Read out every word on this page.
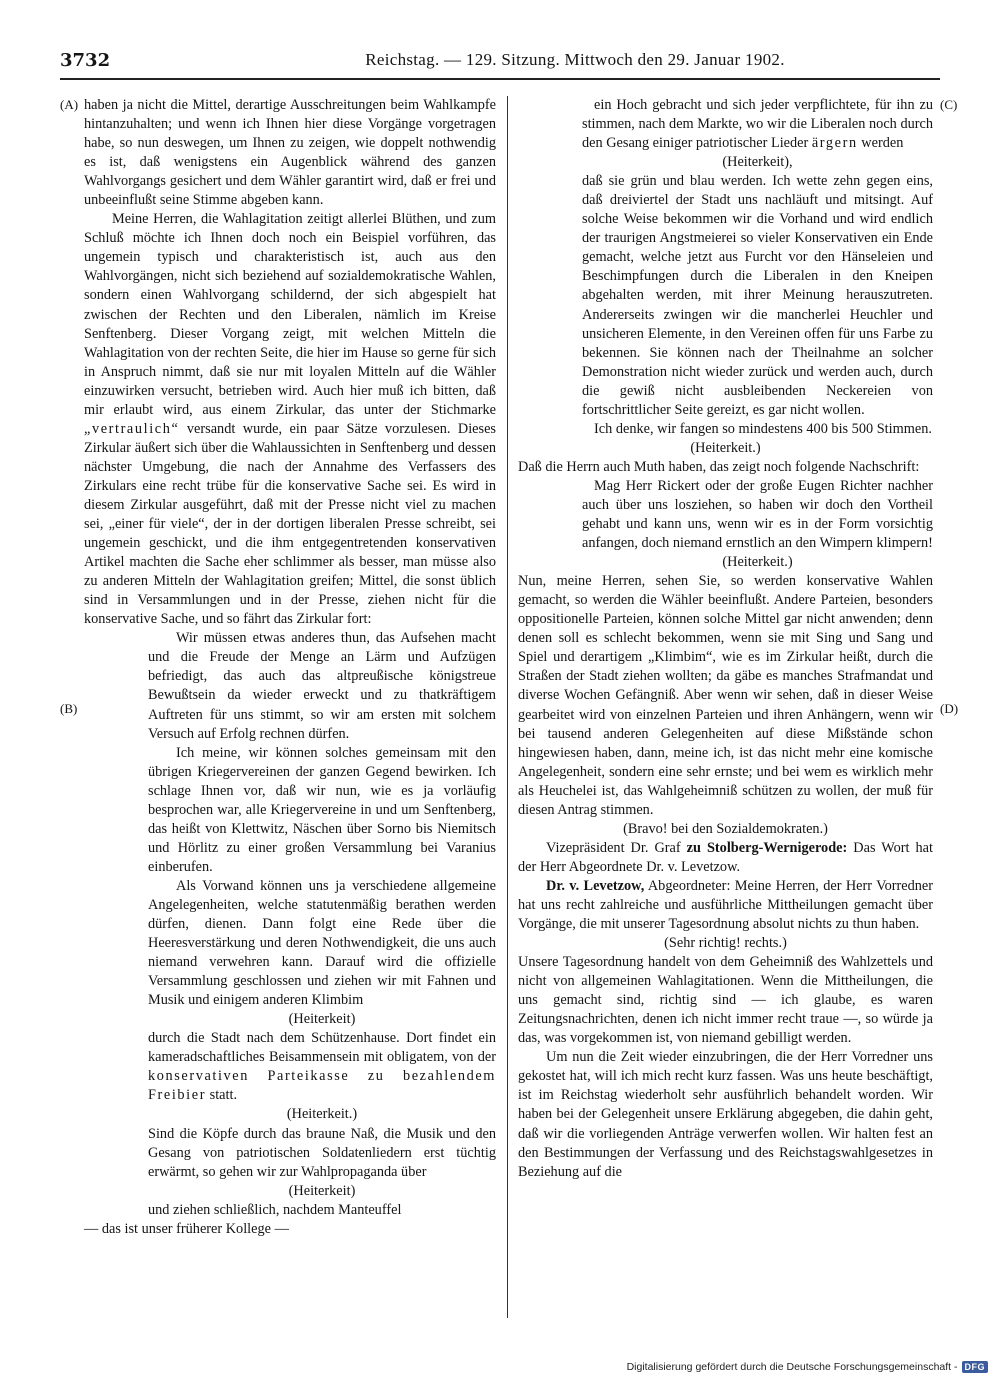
3732	Reichstag. — 129. Sitzung. Mittwoch den 29. Januar 1902.
(A)
(B)
(C)
(D)

haben ja nicht die Mittel, derartige Ausschreitungen beim Wahlkampfe hintanzuhalten; und wenn ich Ihnen hier diese Vorgänge vorgetragen habe, so nun deswegen, um Ihnen zu zeigen, wie doppelt nothwendig es ist, daß wenigstens ein Augenblick während des ganzen Wahlvorgangs gesichert und dem Wähler garantirt wird, daß er frei und unbeeinflußt seine Stimme abgeben kann.

Meine Herren, die Wahlagitation zeitigt allerlei Blüthen, und zum Schluß möchte ich Ihnen doch noch ein Beispiel vorführen, das ungemein typisch und charakteristisch ist, auch aus den Wahlvorgängen, nicht sich beziehend auf sozialdemokratische Wahlen, sondern einen Wahlvorgang schildernd, der sich abgespielt hat zwischen der Rechten und den Liberalen, nämlich im Kreise Senftenberg. Dieser Vorgang zeigt, mit welchen Mitteln die Wahlagitation von der rechten Seite, die hier im Hause so gerne für sich in Anspruch nimmt, daß sie nur mit loyalen Mitteln auf die Wähler einzuwirken versucht, betrieben wird. Auch hier muß ich bitten, daß mir erlaubt wird, aus einem Zirkular, das unter der Stichmarke „vertraulich“ versandt wurde, ein paar Sätze vorzulesen. Dieses Zirkular äußert sich über die Wahlaussichten in Senftenberg und dessen nächster Umgebung, die nach der Annahme des Verfassers des Zirkulars eine recht trübe für die konservative Sache sei. Es wird in diesem Zirkular ausgeführt, daß mit der Presse nicht viel zu machen sei, „einer für viele“, der in der dortigen liberalen Presse schreibt, sei ungemein geschickt, und die ihm entgegentretenden konservativen Artikel machten die Sache eher schlimmer als besser, man müsse also zu anderen Mitteln der Wahlagitation greifen; Mittel, die sonst üblich sind in Versammlungen und in der Presse, ziehen nicht für die konservative Sache, und so fährt das Zirkular fort:

Wir müssen etwas anderes thun, das Aufsehen macht und die Freude der Menge an Lärm und Aufzügen befriedigt, das auch das altpreußische königstreue Bewußtsein da wieder erweckt und zu thatkräftigem Auftreten für uns stimmt, so wir am ersten mit solchem Versuch auf Erfolg rechnen dürfen.

Ich meine, wir können solches gemeinsam mit den übrigen Kriegervereinen der ganzen Gegend bewirken. Ich schlage Ihnen vor, daß wir nun, wie es ja vorläufig besprochen war, alle Kriegervereine in und um Senftenberg, das heißt von Klettwitz, Näschen über Sorno bis Niemitsch und Hörlitz zu einer großen Versammlung bei Varanius einberufen.

Als Vorwand können uns ja verschiedene allgemeine Angelegenheiten, welche statutenmäßig berathen werden dürfen, dienen. Dann folgt eine Rede über die Heeresverstärkung und deren Nothwendigkeit, die uns auch niemand verwehren kann. Darauf wird die offizielle Versammlung geschlossen und ziehen wir mit Fahnen und Musik und einigem anderen Klimbim

(Heiterkeit)

durch die Stadt nach dem Schützenhause. Dort findet ein kameradschaftliches Beisammensein mit obligatem, von der konservativen Parteikasse zu bezahlendem Freibier statt.

(Heiterkeit.)

Sind die Köpfe durch das braune Naß, die Musik und den Gesang von patriotischen Soldatenliedern erst tüchtig erwärmt, so gehen wir zur Wahlpropaganda über

(Heiterkeit)

und ziehen schließlich, nachdem Manteuffel

— das ist unser früherer Kollege —

ein Hoch gebracht und sich jeder verpflichtete, für ihn zu stimmen, nach dem Markte, wo wir die Liberalen noch durch den Gesang einiger patriotischer Lieder ärgern werden

(Heiterkeit),

daß sie grün und blau werden. Ich wette zehn gegen eins, daß dreiviertel der Stadt uns nachläuft und mitsingt. Auf solche Weise bekommen wir die Vorhand und wird endlich der traurigen Angstmeierei so vieler Konservativen ein Ende gemacht, welche jetzt aus Furcht vor den Hänseleien und Beschimpfungen durch die Liberalen in den Kneipen abgehalten werden, mit ihrer Meinung herauszutreten. Andererseits zwingen wir die mancherlei Heuchler und unsicheren Elemente, in den Vereinen offen für uns Farbe zu bekennen. Sie können nach der Theilnahme an solcher Demonstration nicht wieder zurück und werden auch, durch die gewiß nicht ausbleibenden Neckereien von fortschrittlicher Seite gereizt, es gar nicht wollen.

Ich denke, wir fangen so mindestens 400 bis 500 Stimmen.

(Heiterkeit.)

Daß die Herrn auch Muth haben, das zeigt noch folgende Nachschrift:

Mag Herr Rickert oder der große Eugen Richter nachher auch über uns losziehen, so haben wir doch den Vortheil gehabt und kann uns, wenn wir es in der Form vorsichtig anfangen, doch niemand ernstlich an den Wimpern klimpern!

(Heiterkeit.)

Nun, meine Herren, sehen Sie, so werden konservative Wahlen gemacht, so werden die Wähler beeinflußt. Andere Parteien, besonders oppositionelle Parteien, können solche Mittel gar nicht anwenden; denn denen soll es schlecht bekommen, wenn sie mit Sing und Sang und Spiel und derartigem „Klimbim“, wie es im Zirkular heißt, durch die Straßen der Stadt ziehen wollten; da gäbe es manches Strafmandat und diverse Wochen Gefängniß. Aber wenn wir sehen, daß in dieser Weise gearbeitet wird von einzelnen Parteien und ihren Anhängern, wenn wir bei tausend anderen Gelegenheiten auf diese Mißstände schon hingewiesen haben, dann, meine ich, ist das nicht mehr eine komische Angelegenheit, sondern eine sehr ernste; und bei wem es wirklich mehr als Heuchelei ist, das Wahlgeheimniß schützen zu wollen, der muß für diesen Antrag stimmen.

(Bravo! bei den Sozialdemokraten.)

Vizepräsident Dr. Graf zu Stolberg-Wernigerode: Das Wort hat der Herr Abgeordnete Dr. v. Levetzow.

Dr. v. Levetzow, Abgeordneter: Meine Herren, der Herr Vorredner hat uns recht zahlreiche und ausführliche Mittheilungen gemacht über Vorgänge, die mit unserer Tagesordnung absolut nichts zu thun haben.

(Sehr richtig! rechts.)

Unsere Tagesordnung handelt von dem Geheimniß des Wahlzettels und nicht von allgemeinen Wahlagitationen. Wenn die Mittheilungen, die uns gemacht sind, richtig sind — ich glaube, es waren Zeitungsnachrichten, denen ich nicht immer recht traue —, so würde ja das, was vorgekommen ist, von niemand gebilligt werden.

Um nun die Zeit wieder einzubringen, die der Herr Vorredner uns gekostet hat, will ich mich recht kurz fassen. Was uns heute beschäftigt, ist im Reichstag wiederholt sehr ausführlich behandelt worden. Wir haben bei der Gelegenheit unsere Erklärung abgegeben, die dahin geht, daß wir die vorliegenden Anträge verwerfen wollen. Wir halten fest an den Bestimmungen der Verfassung und des Reichstagswahlgesetzes in Beziehung auf die

Digitalisierung gefördert durch die Deutsche Forschungsgemeinschaft - DFG
